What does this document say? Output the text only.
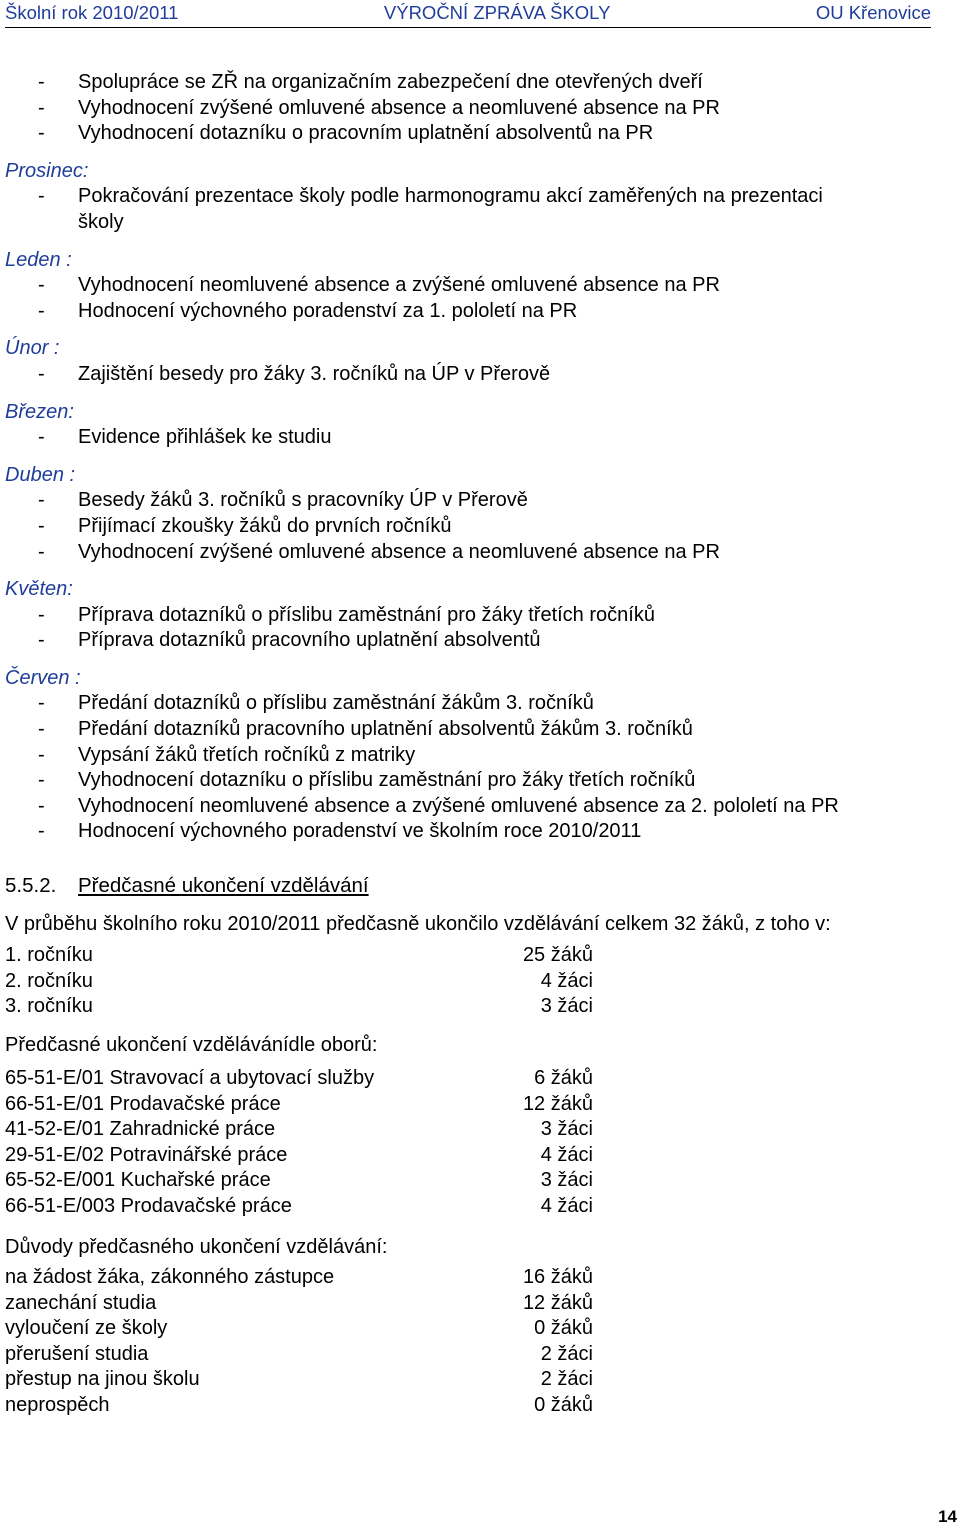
Školní rok 2010/2011	VÝROČNÍ ZPRÁVA ŠKOLY	OU Křenovice
- Spolupráce se ZŘ na organizačním zabezpečení dne otevřených dveří
- Vyhodnocení zvýšené omluvené absence a neomluvené absence na PR
- Vyhodnocení dotazníku o pracovním uplatnění absolventů na PR
Prosinec:
- Pokračování prezentace školy podle harmonogramu akcí zaměřených na prezentaci
školy
Leden :
- Vyhodnocení neomluvené absence a zvýšené omluvené absence na PR
- Hodnocení výchovného poradenství za 1. pololetí na PR
Únor :
- Zajištění besedy pro žáky 3. ročníků na ÚP v Přerově
Březen:
- Evidence přihlášek ke studiu
Duben :
- Besedy žáků 3. ročníků s pracovníky ÚP v Přerově
- Přijímací zkoušky žáků do prvních ročníků
- Vyhodnocení zvýšené omluvené absence a neomluvené absence na PR
Květen:
- Příprava dotazníků o příslibu zaměstnání pro žáky třetích ročníků
- Příprava dotazníků pracovního uplatnění absolventů
Červen :
- Předání dotazníků o příslibu zaměstnání žákům 3. ročníků
- Předání dotazníků pracovního uplatnění absolventů žákům 3. ročníků
- Vypsání žáků třetích ročníků z matriky
- Vyhodnocení dotazníku o příslibu zaměstnání pro žáky třetích ročníků
- Vyhodnocení neomluvené absence a zvýšené omluvené absence za 2. pololetí na PR
- Hodnocení výchovného poradenství ve školním roce 2010/2011
5.5.2. Předčasné ukončení vzdělávání
V průběhu školního roku 2010/2011 předčasně ukončilo vzdělávání celkem 32 žáků, z toho v:
1. ročníku	25 žáků
2. ročníku	4 žáci
3. ročníku	3 žáci
Předčasné ukončení vzdělávánídle oborů:
65-51-E/01 Stravovací a ubytovací služby	6 žáků
66-51-E/01 Prodavačské práce	12 žáků
41-52-E/01 Zahradnické práce	3 žáci
29-51-E/02 Potravinářské práce	4 žáci
65-52-E/001 Kuchařské práce	3 žáci
66-51-E/003 Prodavačské práce	4 žáci
Důvody předčasného ukončení vzdělávání:
na žádost žáka, zákonného zástupce	16 žáků
zanechání studia	12 žáků
vyloučení ze školy	0 žáků
přerušení studia	2 žáci
přestup na jinou školu	2 žáci
neprospěch	0 žáků
14
